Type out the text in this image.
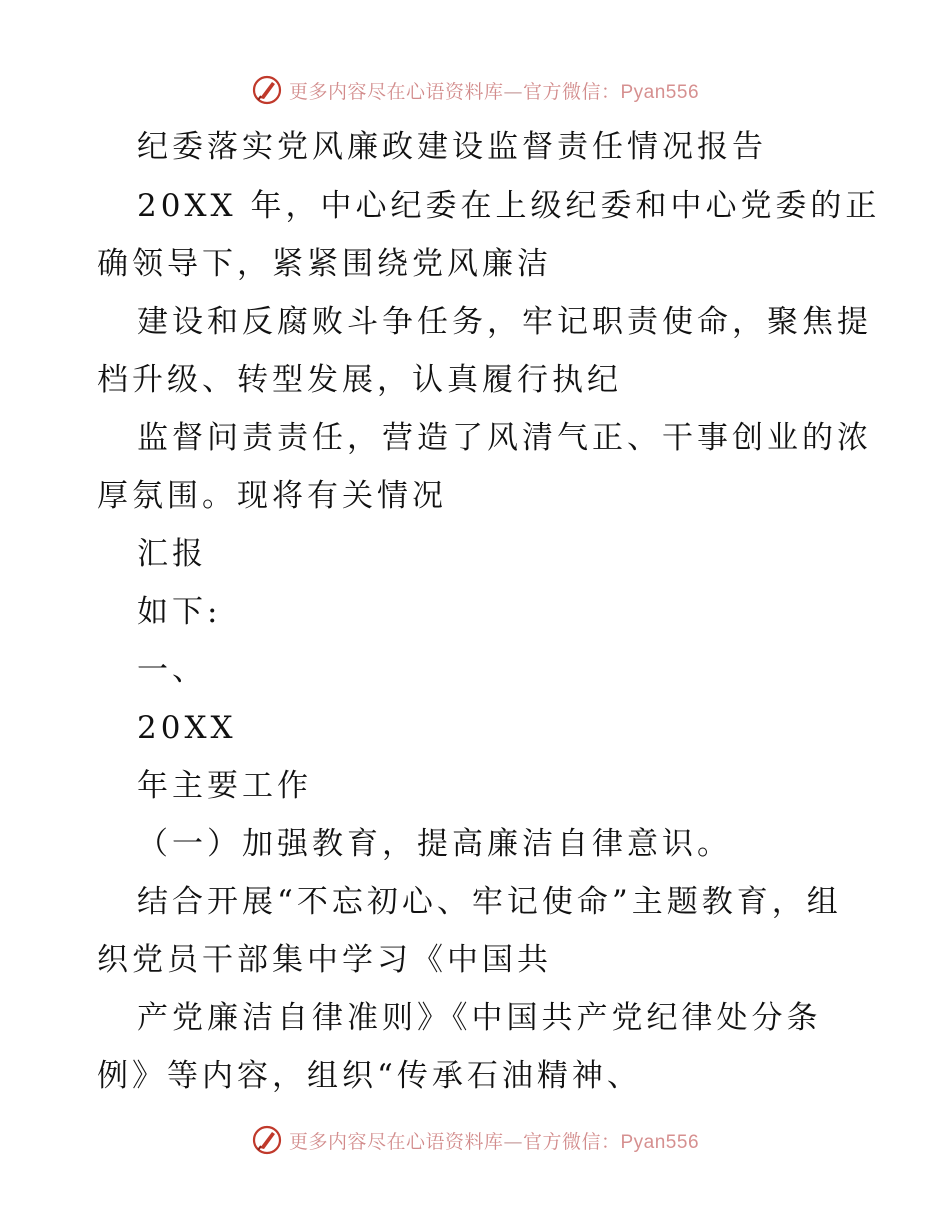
更多内容尽在心语资料库—官方微信：Pyan556
纪委落实党风廉政建设监督责任情况报告
20XX 年，中心纪委在上级纪委和中心党委的正
确领导下，紧紧围绕党风廉洁
建设和反腐败斗争任务，牢记职责使命，聚焦提
档升级、转型发展，认真履行执纪
监督问责责任，营造了风清气正、干事创业的浓
厚氛围。现将有关情况
汇报
如下:
一、
20XX
年主要工作
（一）加强教育，提高廉洁自律意识。
结合开展“不忘初心、牢记使命”主题教育，组
织党员干部集中学习《中国共
产党廉洁自律准则》《中国共产党纪律处分条
例》等内容，组织“传承石油精神、
更多内容尽在心语资料库—官方微信：Pyan556
